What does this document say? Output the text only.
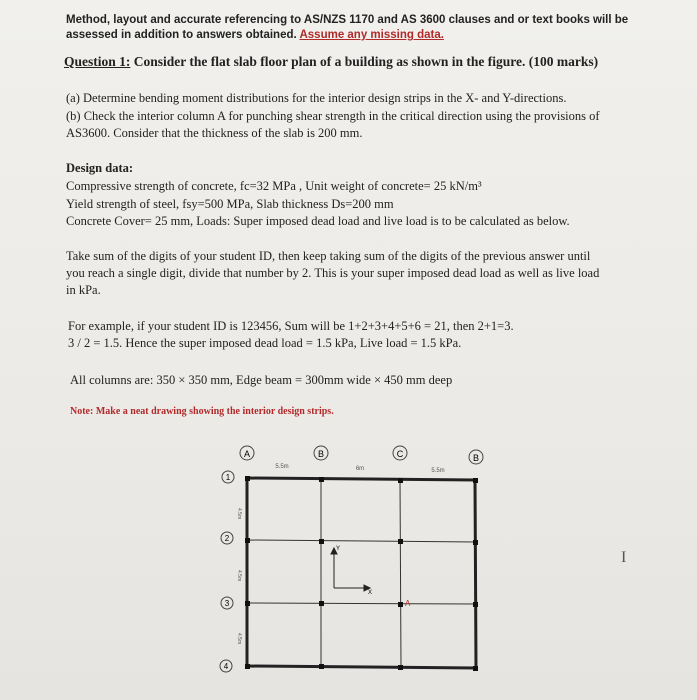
Method, layout and accurate referencing to AS/NZS 1170 and AS 3600 clauses and or text books will be

assessed in addition to answers obtained. Assume any missing data.

Question 1: Consider the flat slab floor plan of a building as shown in the figure. (100 marks)

(a) Determine bending moment distributions for the interior design strips in the X- and Y-directions.

(b) Check the interior column A for punching shear strength in the critical direction using the provisions of

AS3600. Consider that the thickness of the slab is 200 mm.

Design data:

Compressive strength of concrete, fc=32 MPa , Unit weight of concrete= 25 kN/m³

Yield strength of steel, fsy=500 MPa, Slab thickness Ds=200 mm

Concrete Cover= 25 mm, Loads: Super imposed dead load and live load is to be calculated as below.

Take sum of the digits of your student ID, then keep taking sum of the digits of the previous answer until

you reach a single digit, divide that number by 2. This is your super imposed dead load as well as live load

in kPa.

For example, if your student ID is 123456, Sum will be 1+2+3+4+5+6 = 21, then 2+1=3.

3 / 2 = 1.5. Hence the super imposed dead load = 1.5 kPa, Live load = 1.5 kPa.

All columns are: 350 × 350 mm, Edge beam = 300mm wide × 450 mm deep

Note: Make a neat drawing showing the interior design strips.

A	B	C	B
5.5m	6m	5.5m
1
2
3
4
4.5m
4.5m
4.5m
A
Y
X
I
